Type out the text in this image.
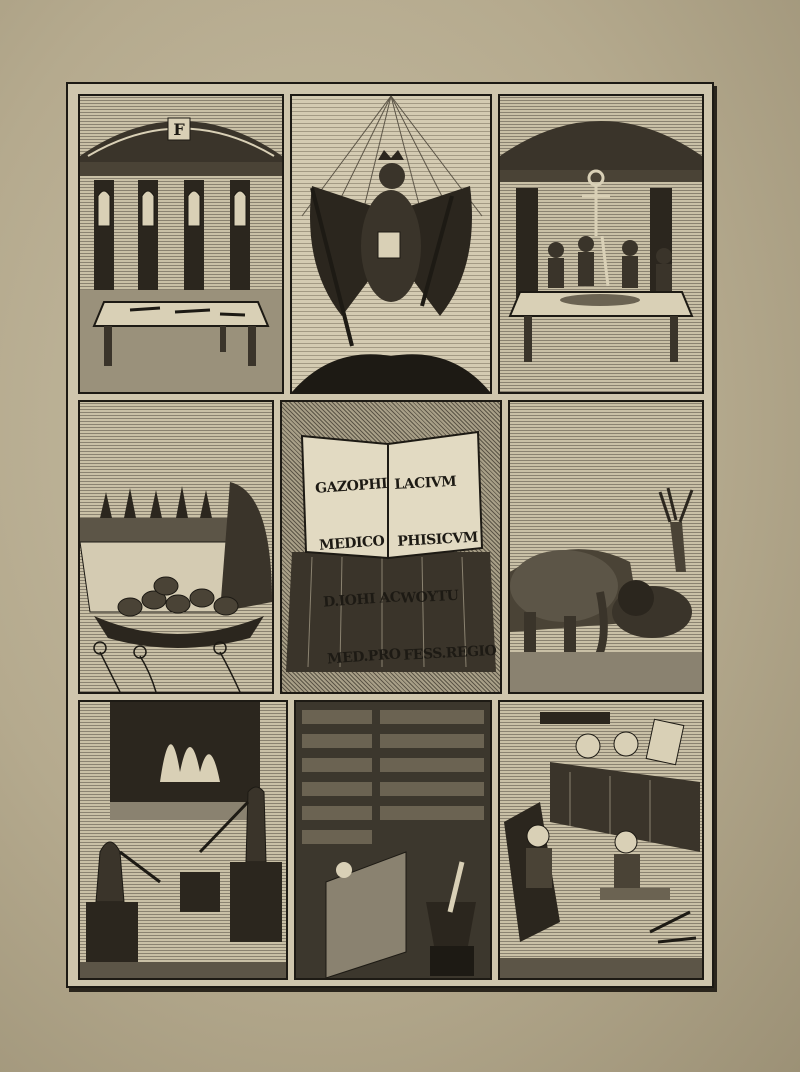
F

GAZOPHI

MEDICO

D.IOHI AC

MED.PRO

LACIVM

PHISICVM

WOYTU

FESS.REGIO
